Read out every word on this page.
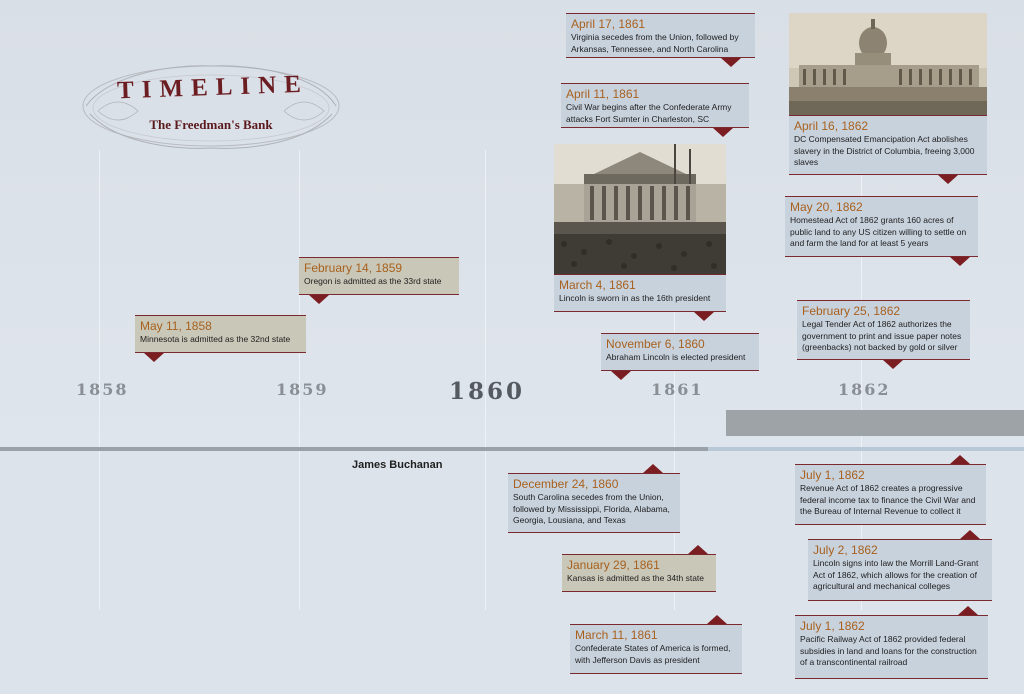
TIMELINE
The Freedman's Bank
1858	1859	1860	1861	1862
James Buchanan
May 11, 1858
Minnesota is admitted as the 32nd state
February 14, 1859
Oregon is admitted as the 33rd state
April 17, 1861
Virginia secedes from the Union, followed by Arkansas, Tennessee, and North Carolina
April 11, 1861
Civil War begins after the Confederate Army attacks Fort Sumter in Charleston, SC
March 4, 1861
Lincoln is sworn in as the 16th president
November 6, 1860
Abraham Lincoln is elected president
April 16, 1862
DC Compensated Emancipation Act abolishes slavery in the District of Columbia, freeing 3,000 slaves
May 20, 1862
Homestead Act of 1862 grants 160 acres of public land to any US citizen willing to settle on and farm the land for at least 5 years
February 25, 1862
Legal Tender Act of 1862 authorizes the government to print and issue paper notes (greenbacks) not backed by gold or silver
December 24, 1860
South Carolina secedes from the Union, followed by Mississippi, Florida, Alabama, Georgia, Lousiana, and Texas
January 29, 1861
Kansas is admitted as the 34th state
March 11, 1861
Confederate States of America is formed, with Jefferson Davis as president
July 1, 1862
Revenue Act of 1862 creates a progressive federal income tax to finance the Civil War and the Bureau of Internal Revenue to collect it
July 2, 1862
Lincoln signs into law the Morrill Land-Grant Act of 1862, which allows for the creation of agricultural and mechanical colleges
July 1, 1862
Pacific Railway Act of 1862 provided federal subsidies in land and loans for the construction of a transcontinental railroad
